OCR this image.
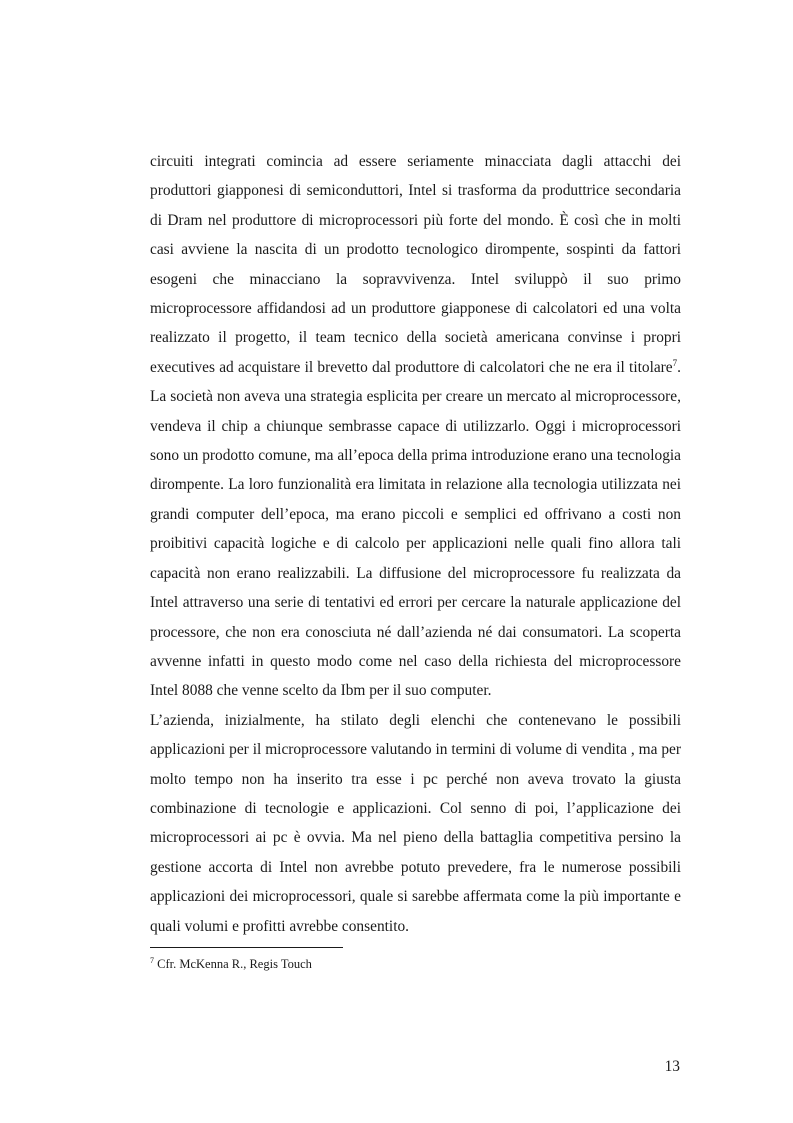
circuiti integrati comincia ad essere seriamente minacciata dagli attacchi dei produttori giapponesi di semiconduttori, Intel si trasforma da produttrice secondaria di Dram nel produttore di microprocessori più forte del mondo. È così che in molti casi avviene la nascita di un prodotto tecnologico dirompente, sospinti da fattori esogeni che minacciano la sopravvivenza. Intel sviluppò il suo primo microprocessore affidandosi ad un produttore giapponese di calcolatori ed una volta realizzato il progetto, il team tecnico della società americana convinse i propri executives ad acquistare il brevetto dal produttore di calcolatori che ne era il titolare$^7$. La società non aveva una strategia esplicita per creare un mercato al microprocessore, vendeva il chip a chiunque sembrasse capace di utilizzarlo. Oggi i microprocessori sono un prodotto comune, ma all’epoca della prima introduzione erano una tecnologia dirompente. La loro funzionalità era limitata in relazione alla tecnologia utilizzata nei grandi computer dell’epoca, ma erano piccoli e semplici ed offrivano a costi non proibitivi capacità logiche e di calcolo per applicazioni nelle quali fino allora tali capacità non erano realizzabili. La diffusione del microprocessore fu realizzata da Intel attraverso una serie di tentativi ed errori per cercare la naturale applicazione del processore, che non era conosciuta né dall’azienda né dai consumatori. La scoperta avvenne infatti in questo modo come nel caso della richiesta del microprocessore Intel 8088 che venne scelto da Ibm per il suo computer.

L’azienda, inizialmente, ha stilato degli elenchi che contenevano le possibili applicazioni per il microprocessore valutando in termini di volume di vendita , ma per molto tempo non ha inserito tra esse i pc perché non aveva trovato la giusta combinazione di tecnologie e applicazioni. Col senno di poi, l’applicazione dei microprocessori ai pc è ovvia. Ma nel pieno della battaglia competitiva persino la gestione accorta di Intel non avrebbe potuto prevedere, fra le numerose possibili applicazioni dei microprocessori, quale si sarebbe affermata come la più importante e quali volumi e profitti avrebbe consentito.

$^7$ Cfr. McKenna R., Regis Touch
13
